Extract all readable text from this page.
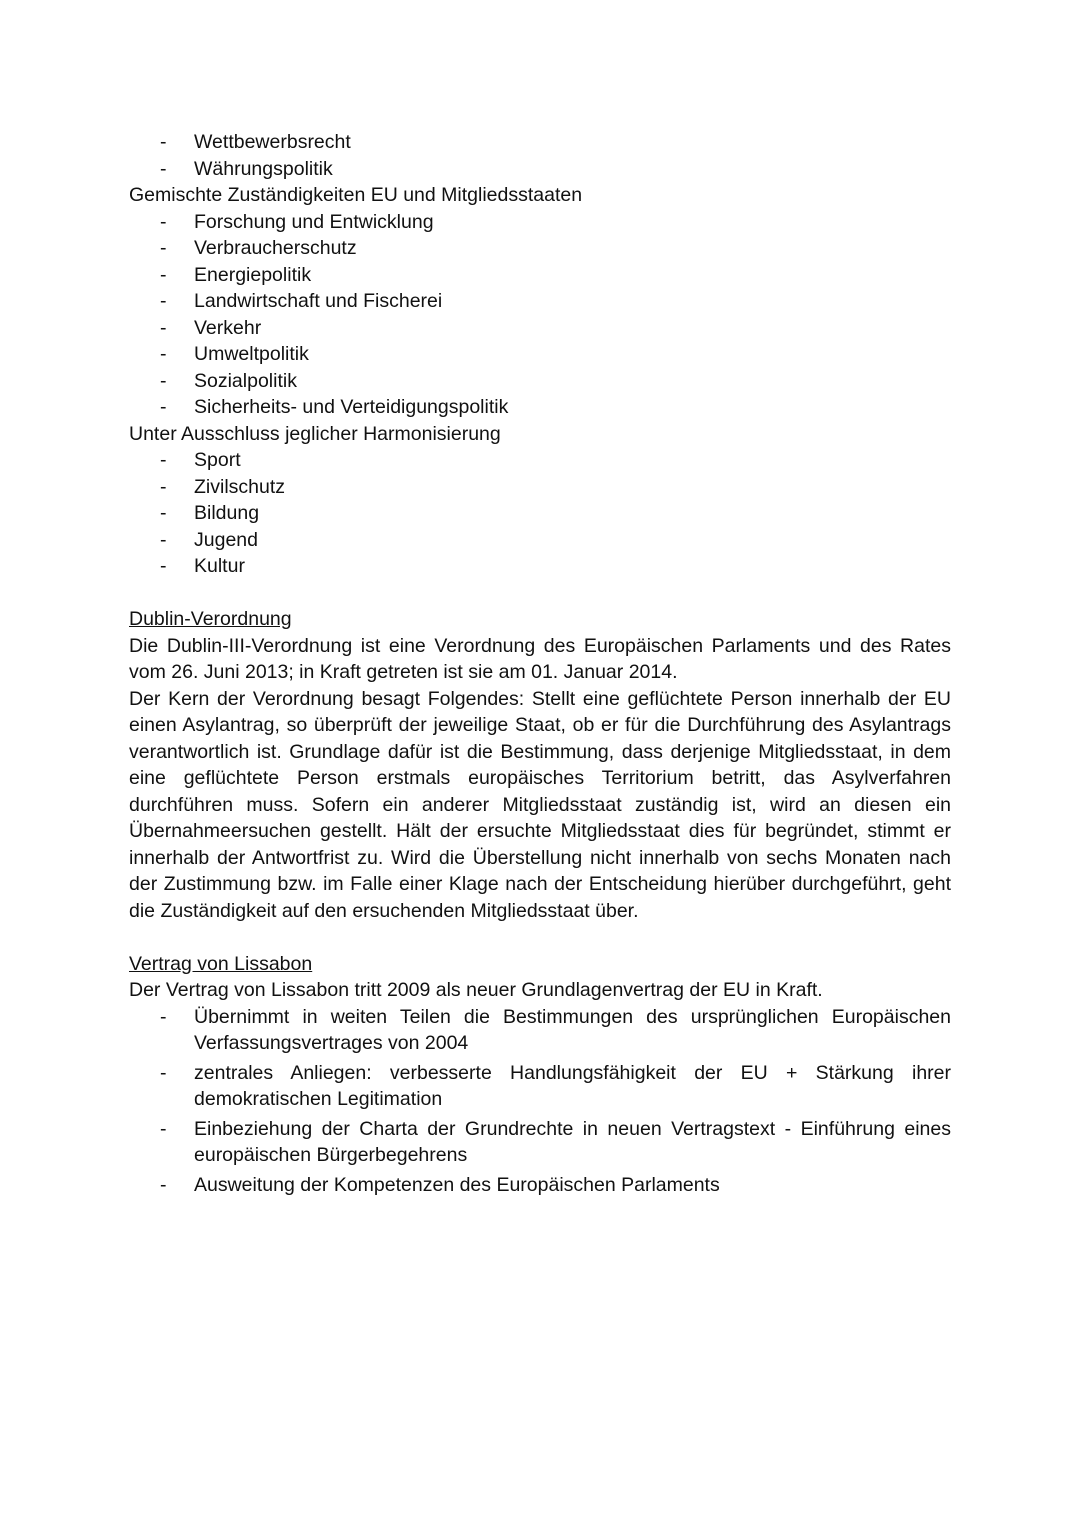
- Wettbewerbsrecht
- Währungspolitik
Gemischte Zuständigkeiten EU und Mitgliedsstaaten
- Forschung und Entwicklung
- Verbraucherschutz
- Energiepolitik
- Landwirtschaft und Fischerei
- Verkehr
- Umweltpolitik
- Sozialpolitik
- Sicherheits- und Verteidigungspolitik
Unter Ausschluss jeglicher Harmonisierung
- Sport
- Zivilschutz
- Bildung
- Jugend
- Kultur
Dublin-Verordnung

Die Dublin-III-Verordnung ist eine Verordnung des Europäischen Parlaments und des Rates vom 26. Juni 2013; in Kraft getreten ist sie am 01. Januar 2014.

Der Kern der Verordnung besagt Folgendes: Stellt eine geflüchtete Person innerhalb der EU einen Asylantrag, so überprüft der jeweilige Staat, ob er für die Durchführung des Asylantrags verantwortlich ist. Grundlage dafür ist die Bestimmung, dass derjenige Mitgliedsstaat, in dem eine geflüchtete Person erstmals europäisches Territorium betritt, das Asylverfahren durchführen muss. Sofern ein anderer Mitgliedsstaat zuständig ist, wird an diesen ein Übernahmeersuchen gestellt. Hält der ersuchte Mitgliedsstaat dies für begründet, stimmt er innerhalb der Antwortfrist zu. Wird die Überstellung nicht innerhalb von sechs Monaten nach der Zustimmung bzw. im Falle einer Klage nach der Entscheidung hierüber durchgeführt, geht die Zuständigkeit auf den ersuchenden Mitgliedsstaat über.

Vertrag von Lissabon
Der Vertrag von Lissabon tritt 2009 als neuer Grundlagenvertrag der EU in Kraft.
- Übernimmt in weiten Teilen die Bestimmungen des ursprünglichen Europäischen Verfassungsvertrages von 2004
- zentrales Anliegen: verbesserte Handlungsfähigkeit der EU + Stärkung ihrer demokratischen Legitimation
- Einbeziehung der Charta der Grundrechte in neuen Vertragstext ‐ Einführung eines europäischen Bürgerbegehrens
- Ausweitung der Kompetenzen des Europäischen Parlaments
